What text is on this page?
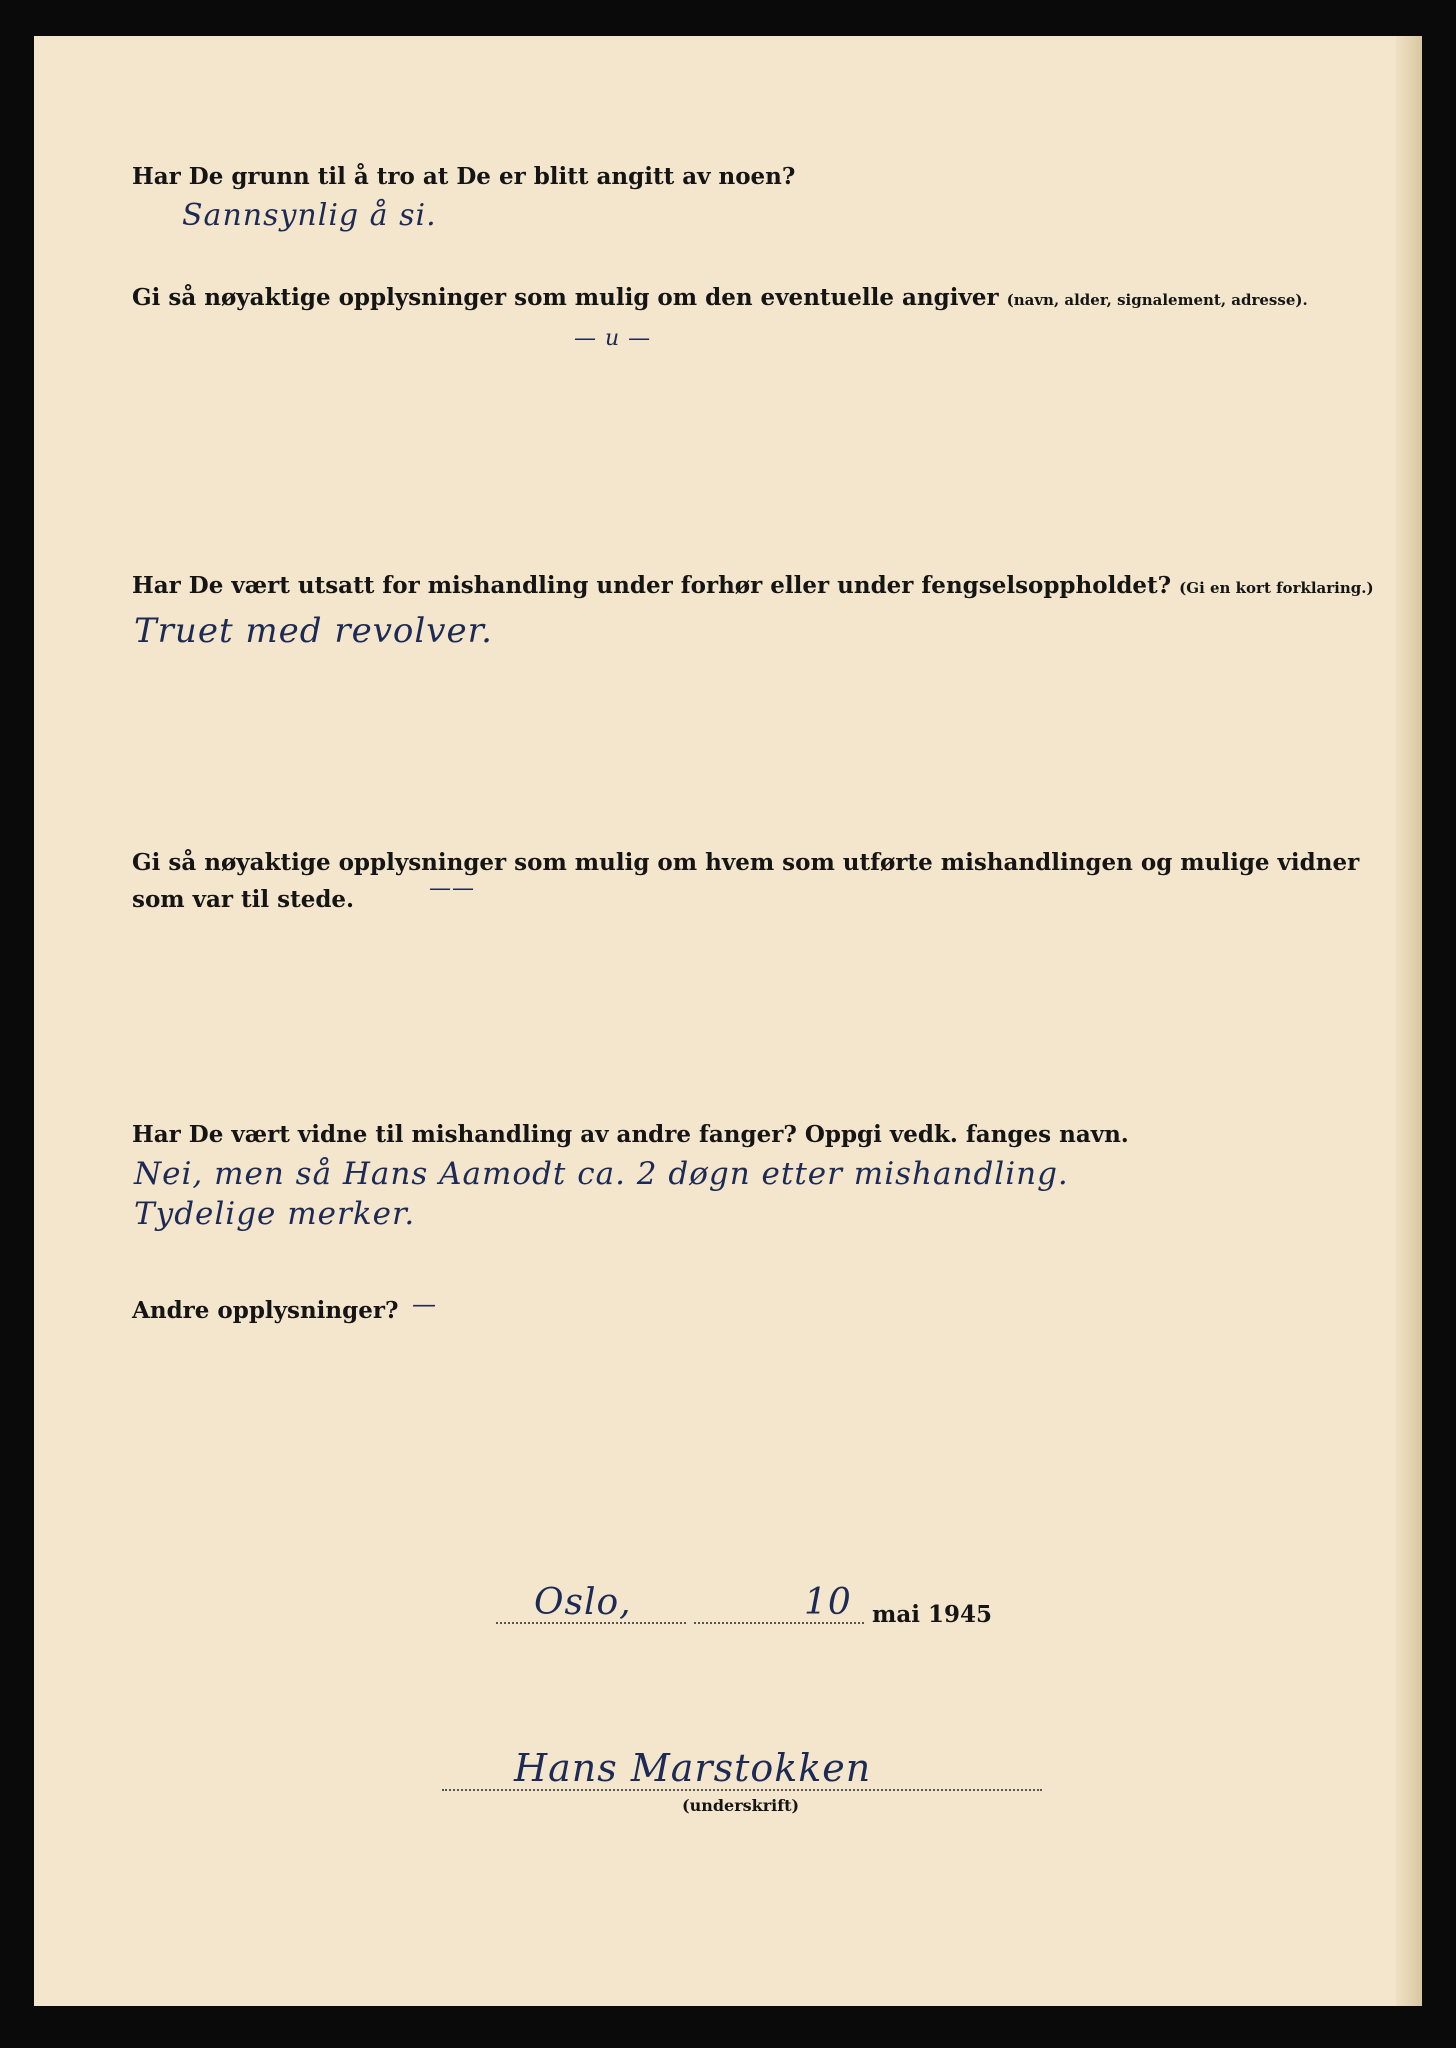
Har De grunn til å tro at De er blitt angitt av noen?
Sannsynlig å si.
Gi så nøyaktige opplysninger som mulig om den eventuelle angiver (navn, alder, signalement, adresse).
— u —
Har De vært utsatt for mishandling under forhør eller under fengselsoppholdet? (Gi en kort forklaring.)
Truet med revolver.
Gi så nøyaktige opplysninger som mulig om hvem som utførte mishandlingen og mulige vidner
som var til stede.	——
Har De vært vidne til mishandling av andre fanger? Oppgi vedk. fanges navn.
Nei, men så Hans Aamodt ca. 2 døgn etter mishandling.
Tydelige merker.
Andre opplysninger? —
Oslo,	10 mai 1945
Hans Marstokken
(underskrift)
